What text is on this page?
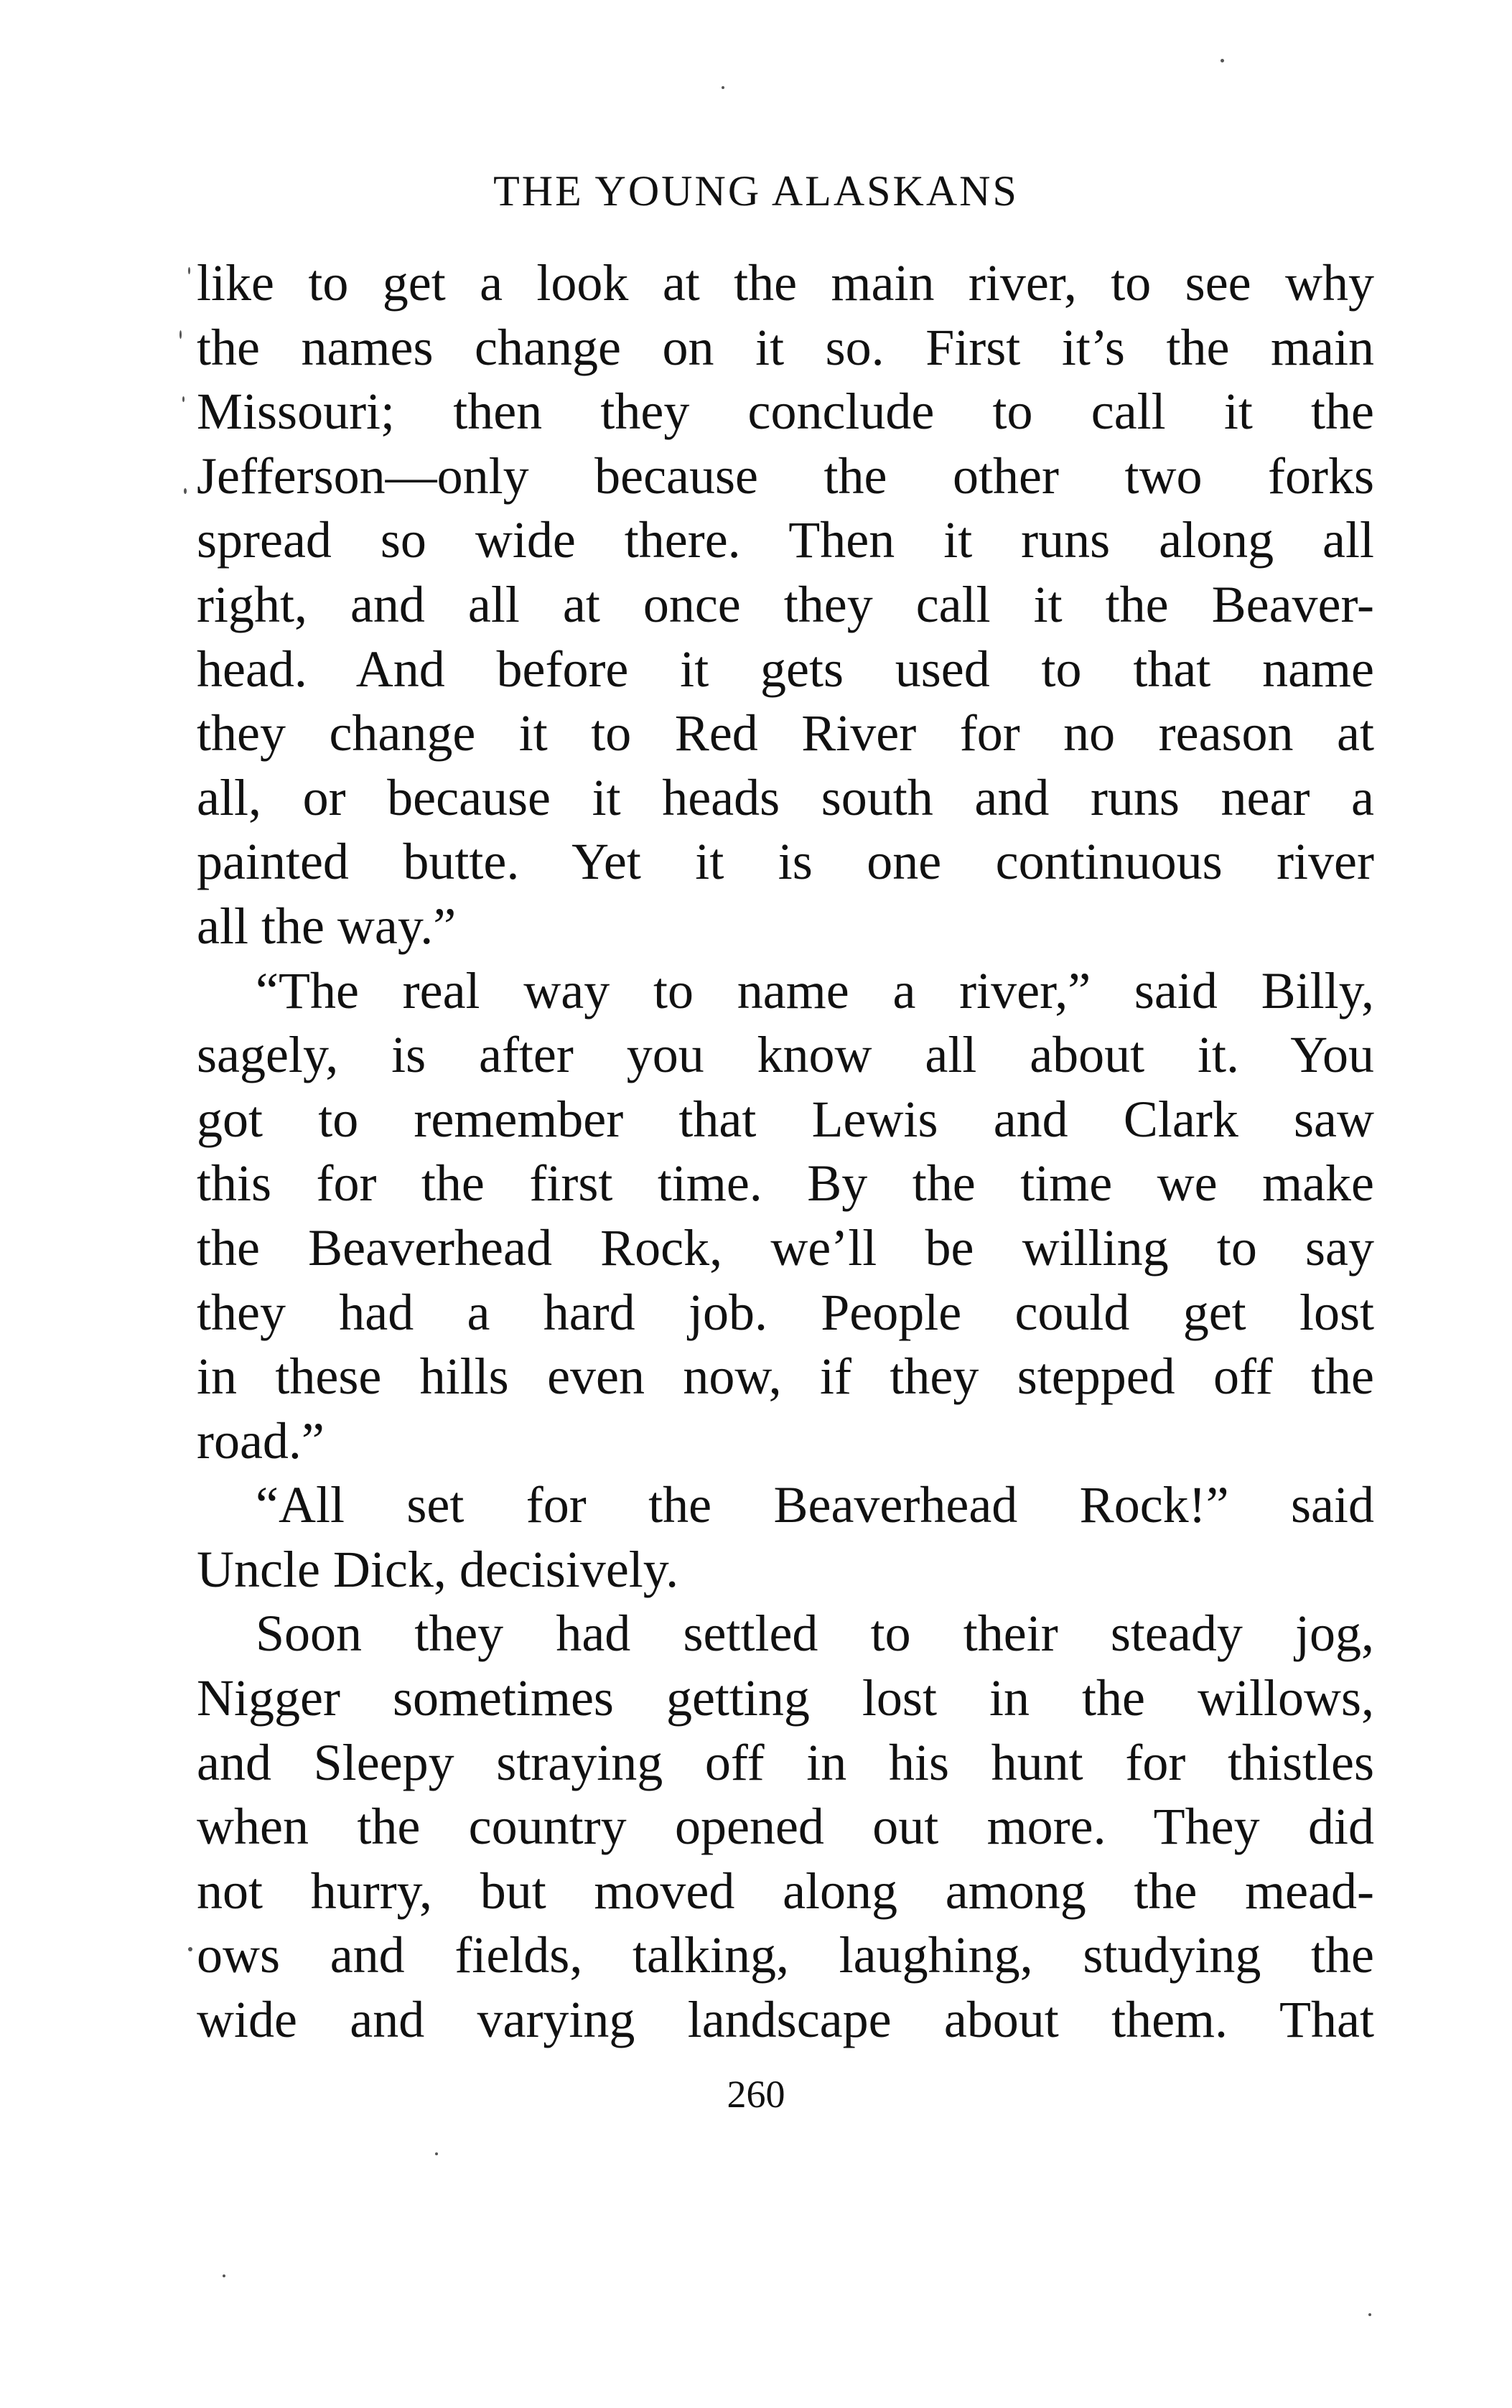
THE YOUNG ALASKANS
like to get a look at the main river, to see why
the names change on it so. First it’s the main
Missouri; then they conclude to call it the
Jefferson—only because the other two forks
spread so wide there. Then it runs along all
right, and all at once they call it the Beaver-
head. And before it gets used to that name
they change it to Red River for no reason at
all, or because it heads south and runs near a
painted butte. Yet it is one continuous river
all the way.”
“The real way to name a river,” said Billy,
sagely, is after you know all about it. You
got to remember that Lewis and Clark saw
this for the first time. By the time we make
the Beaverhead Rock, we’ll be willing to say
they had a hard job. People could get lost
in these hills even now, if they stepped off the
road.”
“All set for the Beaverhead Rock!” said
Uncle Dick, decisively.
Soon they had settled to their steady jog,
Nigger sometimes getting lost in the willows,
and Sleepy straying off in his hunt for thistles
when the country opened out more. They did
not hurry, but moved along among the mead-
ows and fields, talking, laughing, studying the
wide and varying landscape about them. That
260
